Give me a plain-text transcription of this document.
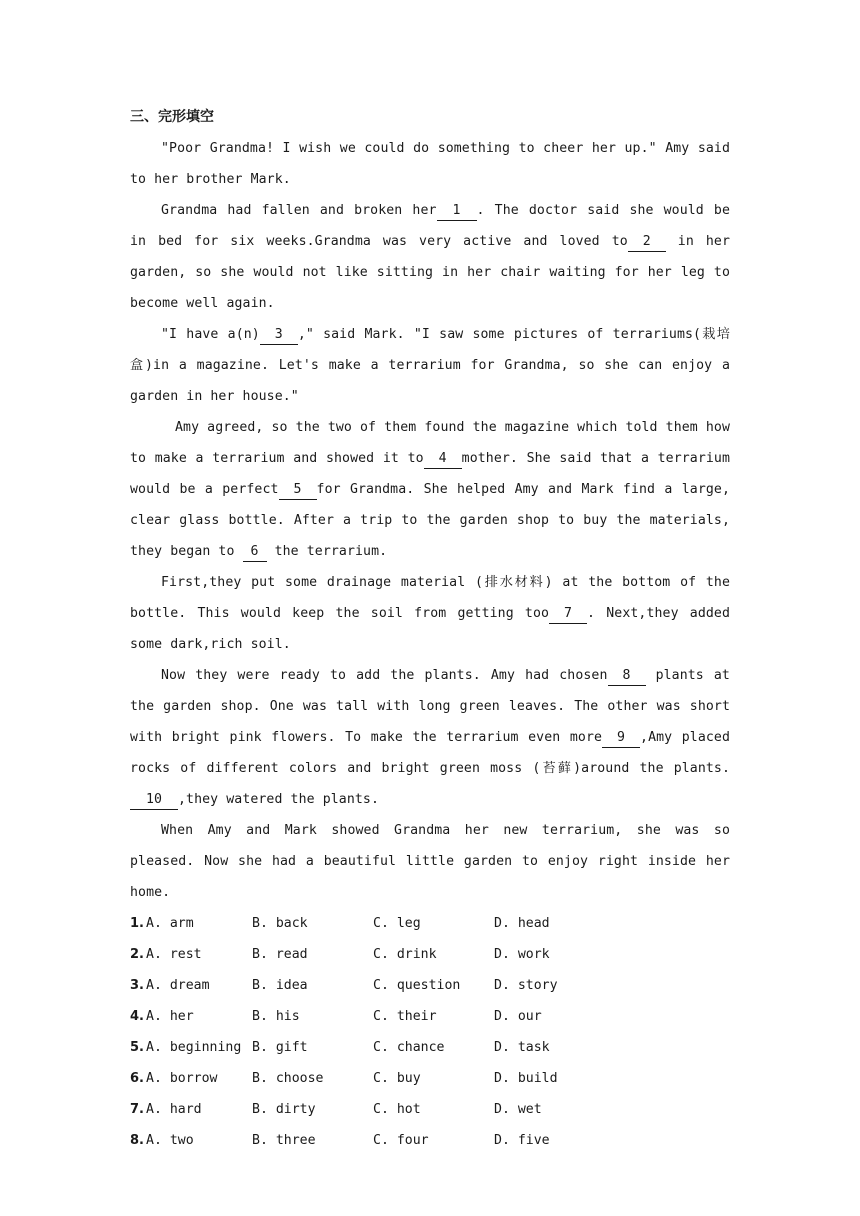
三、完形填空

"Poor Grandma! I wish we could do something to cheer her up." Amy said to her brother Mark.

Grandma had fallen and broken her 1 . The doctor said she would be in bed for six weeks.Grandma was very active and loved to 2 in her garden, so she would not like sitting in her chair waiting for her leg to become well again.

"I have a(n) 3 ," said Mark. "I saw some pictures of terrariums(栽培盒)in a magazine. Let's make a terrarium for Grandma, so she can enjoy a garden in her house."

Amy agreed, so the two of them found the magazine which told them how to make a terrarium and showed it to 4 mother. She said that a terrarium would be a perfect 5 for Grandma. She helped Amy and Mark find a large, clear glass bottle. After a trip to the garden shop to buy the materials, they began to 6 the terrarium.

First,they put some drainage material (排水材料) at the bottom of the bottle. This would keep the soil from getting too 7 . Next,they added some dark,rich soil.

Now they were ready to add the plants. Amy had chosen 8 plants at the garden shop. One was tall with long green leaves. The other was short with bright pink flowers. To make the terrarium even more 9 ,Amy placed rocks of different colors and bright green moss (苔藓)around the plants.10 ,they watered the plants.

When Amy and Mark showed Grandma her new terrarium, she was so pleased. Now she had a beautiful little garden to enjoy right inside her home.

1. A. arm	B. back	C. leg	D. head
2. A. rest	B. read	C. drink	D. work
3. A. dream	B. idea	C. question	D. story
4. A. her	B. his	C. their	D. our
5. A. beginning B. gift	C. chance	D. task
6. A. borrow	B. choose	C. buy	D. build
7. A. hard	B. dirty	C. hot	D. wet
8. A. two	B. three	C. four	D. five
